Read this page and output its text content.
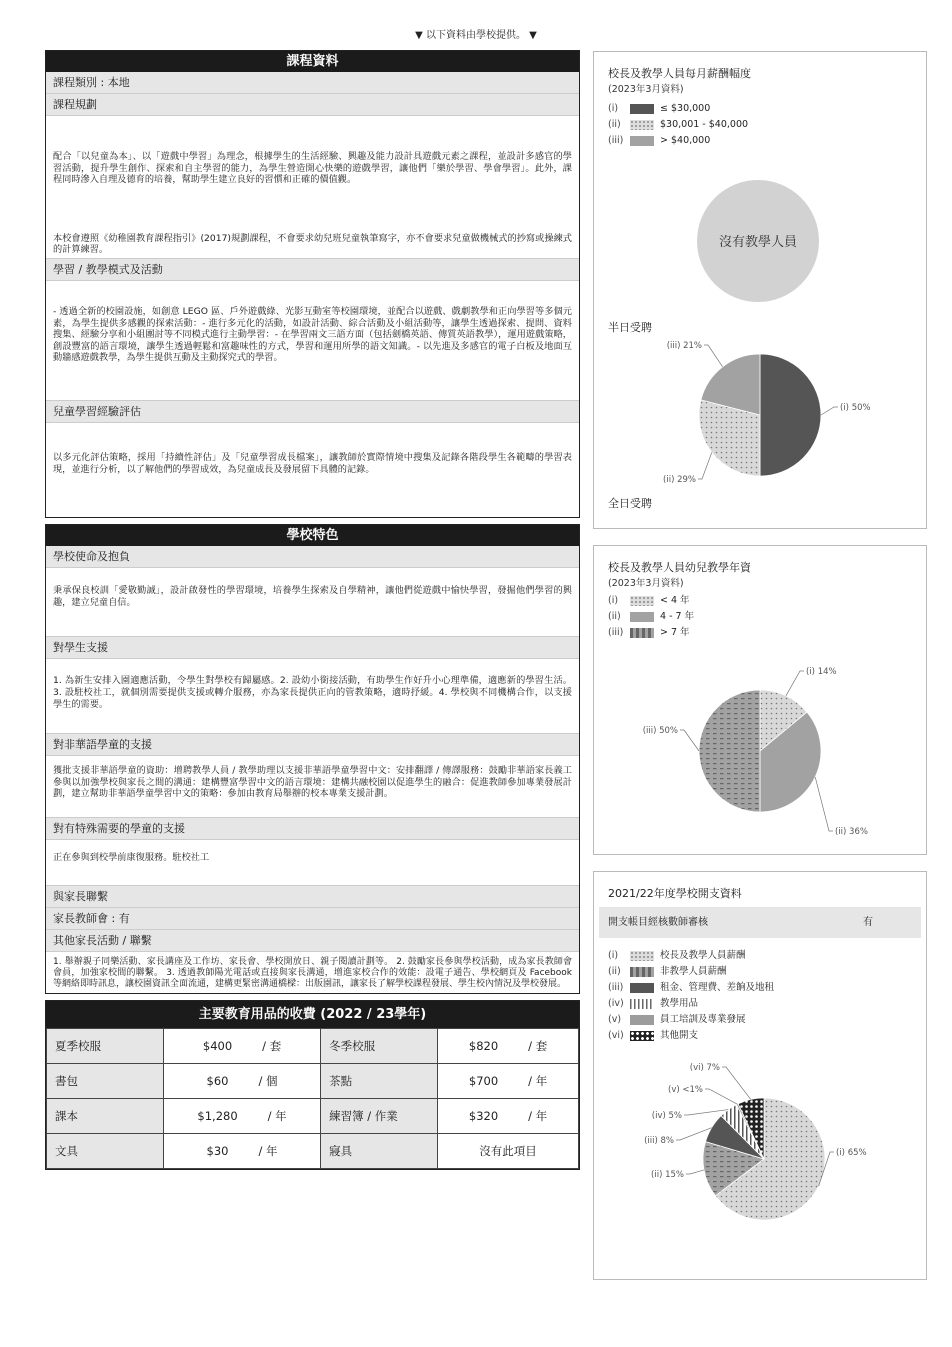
▼ 以下資料由學校提供。 ▼
課程資料
課程類別 : 本地
課程規劃
配合「以兒童為本」、以「遊戲中學習」為理念，根據學生的生活經驗、興趣及能力設計具遊戲元素之課程，並設計多感官的學習活動，提升學生創作、探索和自主學習的能力，為學生營造開心快樂的遊戲學習，讓他們「樂於學習、學會學習」。此外，課程同時滲入自理及德育的培養，幫助學生建立良好的習慣和正確的價值觀。
本校會遵照《幼稚園教育課程指引》(2017)規劃課程，不會要求幼兒班兒童執筆寫字，亦不會要求兒童做機械式的抄寫或操練式的計算練習。
學習 / 教學模式及活動
- 透過全新的校園設施，如創意 LEGO 區、戶外遊戲綠、光影互動室等校園環境，並配合以遊戲、戲劇教學和正向學習等多個元素，為學生提供多感觀的探索活動：- 進行多元化的活動，如設計活動、綜合活動及小組活動等，讓學生透過探索、提問、資料搜集、經驗分享和小組團討等不同模式進行主動學習：- 在學習兩文三語方面（包括劍橋英語、傳質英語教學），運用遊戲策略，創設豐富的語言環境，讓學生透過輕鬆和富趣味性的方式，學習和運用所學的語文知識。- 以先進及多感官的電子白板及地面互動牆感遊戲教學，為學生提供互動及主動探究式的學習。
兒童學習經驗評估
以多元化評估策略，採用「持續性評估」及「兒童學習成長檔案」，讓教師於實際情境中搜集及記錄各階段學生各範疇的學習表現，並進行分析，以了解他們的學習成效，為兒童成長及發展留下具體的記錄。
學校特色
學校使命及抱負
秉承保良校訓「愛敬勤誠」，設計啟發性的學習環境，培養學生探索及自學精神，讓他們從遊戲中愉快學習，發掘他們學習的興趣，建立兒童自信。
對學生支援
1. 為新生安排入園適應活動，令學生對學校有歸屬感。2. 設幼小銜接活動，有助學生作好升小心理準備，適應新的學習生活。3. 設駐校社工，就個別需要提供支援或轉介服務，亦為家長提供正向的管教策略，適時抒緩。4. 學校與不同機構合作，以支援學生的需要。
對非華語學童的支援
獲批支援非華語學童的資助：增聘教學人員 / 教學助理以支援非華語學童學習中文：安排翻譯 / 傳譯服務：鼓勵非華語家長義工參與以加強學校與家長之間的溝通：建構豐富學習中文的語言環境：建構共融校園以促進學生的融合：促進教師參加專業發展計劃，建立幫助非華語學童學習中文的策略：參加由教育局舉辦的校本專業支援計劃。
對有特殊需要的學童的支援
正在參與到校學前康復服務。駐校社工
與家長聯繫
家長教師會 : 有
其他家長活動 / 聯繫
1. 舉辦親子同樂活動、家長講座及工作坊、家長會、學校開放日、親子閱讀計劃等。 2. 鼓勵家長參與學校活動，成為家長教師會會員，加強家校間的聯繫。 3. 透過教師陽光電話或直接與家長溝通，增進家校合作的效能：設電子通告、學校網頁及 Facebook 等網絡即時訊息，讓校園資訊全面流通，建構更緊密溝通橋樑：出版園訊，讓家長了解學校課程發展、學生校內情況及學校發展。
主要教育用品的收費 (2022 / 23學年)
夏季校服	$400 / 套	冬季校服	$820 / 套
書包	$60 / 個	茶點	$700 / 年
課本	$1,280 / 年	練習簿 / 作業	$320 / 年
文具	$30 / 年	寢具	沒有此項目
校長及教學人員每月薪酬幅度
(2023年3月資料)
(i)	≤ $30,000
(ii)	$30,001 - $40,000
(iii)	> $40,000
沒有教學人員
半日受聘
(i) 50%
(ii) 29%
(iii) 21%
全日受聘
校長及教學人員幼兒教學年資
(2023年3月資料)
(i)	< 4 年
(ii)	4 - 7 年
(iii)	> 7 年
(i) 14%
(ii) 36%
(iii) 50%
2021/22年度學校開支資料
開支帳目經核數師審核	有
(i)	校長及教學人員薪酬
(ii)	非教學人員薪酬
(iii)	租金、管理費、差餉及地租
(iv)	教學用品
(v)	員工培訓及專業發展
(vi)	其他開支
(i) 65%
(ii) 15%
(iii) 8%
(iv) 5%
(v) <1%
(vi) 7%
